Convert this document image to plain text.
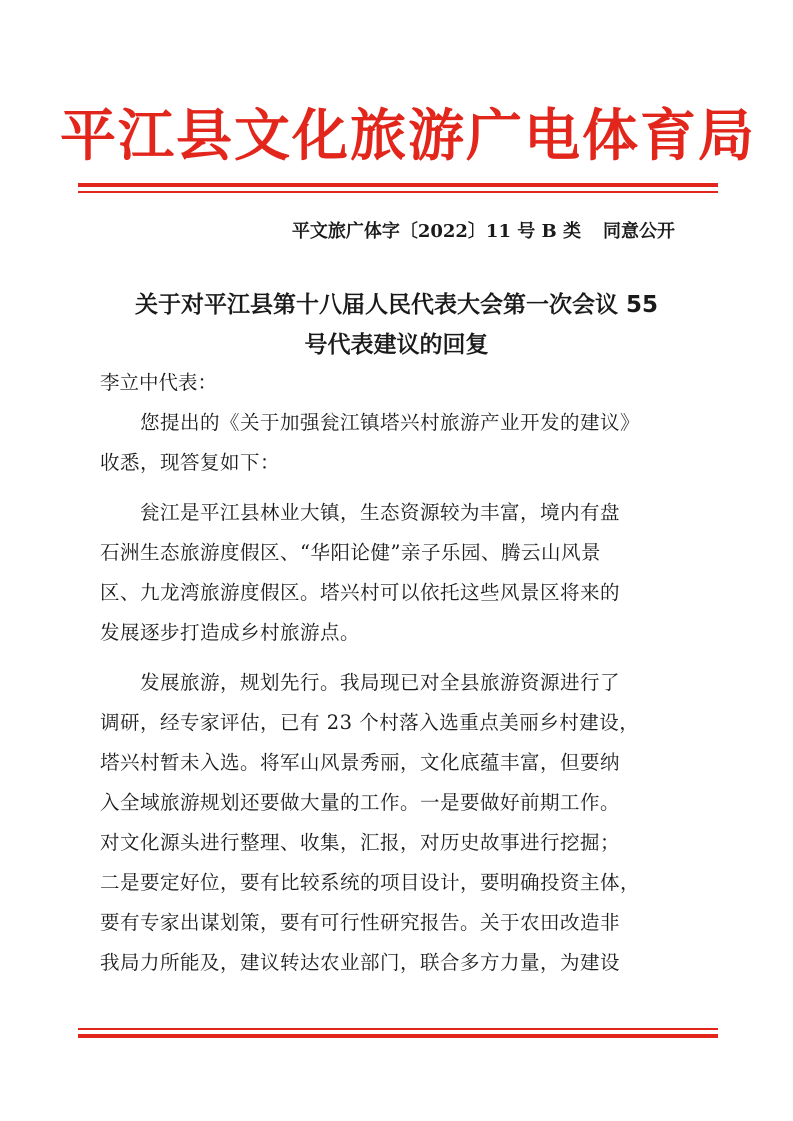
平江县文化旅游广电体育局
平文旅广体字〔2022〕11 号 B 类 同意公开
关于对平江县第十八届人民代表大会第一次会议 55
号代表建议的回复
李立中代表：
您提出的《关于加强瓮江镇塔兴村旅游产业开发的建议》
收悉，现答复如下：
瓮江是平江县林业大镇，生态资源较为丰富，境内有盘
石洲生态旅游度假区、“华阳论健”亲子乐园、腾云山风景
区、九龙湾旅游度假区。塔兴村可以依托这些风景区将来的
发展逐步打造成乡村旅游点。
发展旅游，规划先行。我局现已对全县旅游资源进行了
调研，经专家评估，已有 23 个村落入选重点美丽乡村建设，
塔兴村暂未入选。将军山风景秀丽，文化底蕴丰富，但要纳
入全域旅游规划还要做大量的工作。一是要做好前期工作。
对文化源头进行整理、收集，汇报，对历史故事进行挖掘；
二是要定好位，要有比较系统的项目设计，要明确投资主体，
要有专家出谋划策，要有可行性研究报告。关于农田改造非
我局力所能及，建议转达农业部门，联合多方力量，为建设
